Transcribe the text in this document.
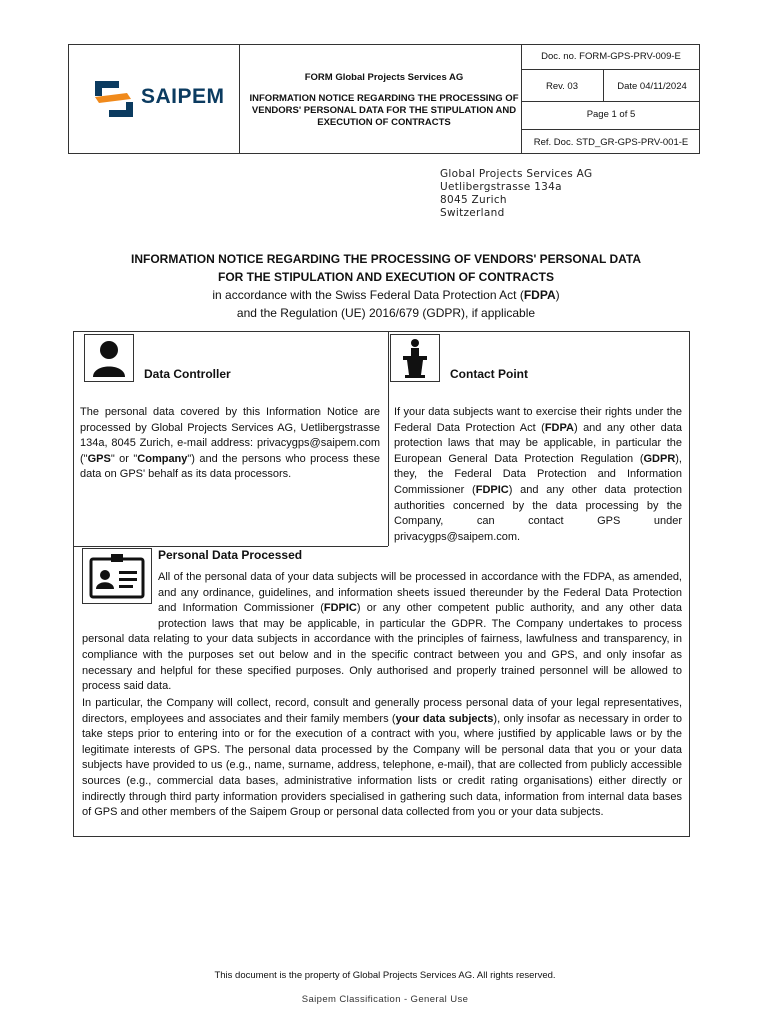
SAIPEM
FORM Global Projects Services AG
INFORMATION NOTICE REGARDING THE PROCESSING OF VENDORS' PERSONAL DATA FOR THE STIPULATION AND EXECUTION OF CONTRACTS
Doc. no. FORM-GPS-PRV-009-E
Rev. 03	Date 04/11/2024
Page 1 of 5
Ref. Doc. STD_GR-GPS-PRV-001-E
Global Projects Services AG
Uetlibergstrasse 134a
8045 Zurich
Switzerland
INFORMATION NOTICE REGARDING THE PROCESSING OF VENDORS' PERSONAL DATA
FOR THE STIPULATION AND EXECUTION OF CONTRACTS
in accordance with the Swiss Federal Data Protection Act (FDPA)
and the Regulation (UE) 2016/679 (GDPR), if applicable
Data Controller
The personal data covered by this Information Notice are processed by Global Projects Services AG, Uetlibergstrasse 134a, 8045 Zurich, e-mail address: privacygps@saipem.com ("GPS" or "Company") and the persons who process these data on GPS' behalf as its data processors.
Contact Point
If your data subjects want to exercise their rights under the Federal Data Protection Act (FDPA) and any other data protection laws that may be applicable, in particular the European General Data Protection Regulation (GDPR), they, the Federal Data Protection and Information Commissioner (FDPIC) and any other data protection authorities concerned by the data processing by the Company, can contact GPS under privacygps@saipem.com.
Personal Data Processed
All of the personal data of your data subjects will be processed in accordance with the FDPA, as amended, and any ordinance, guidelines, and information sheets issued thereunder by the Federal Data Protection and Information Commissioner (FDPIC) or any other competent public authority, and any other data protection laws that may be applicable, in particular the GDPR. The Company undertakes to process personal data relating to your data subjects in accordance with the principles of fairness, lawfulness and transparency, in compliance with the purposes set out below and in the specific contract between you and GPS, and only insofar as necessary and helpful for these specified purposes. Only authorised and properly trained personnel will be allowed to process said data.
In particular, the Company will collect, record, consult and generally process personal data of your legal representatives, directors, employees and associates and their family members (your data subjects), only insofar as necessary in order to take steps prior to entering into or for the execution of a contract with you, where justified by applicable laws or by the legitimate interests of GPS. The personal data processed by the Company will be personal data that you or your data subjects have provided to us (e.g., name, surname, address, telephone, e-mail), that are collected from publicly accessible sources (e.g., commercial data bases, administrative information lists or credit rating organisations) either directly or indirectly through third party information providers specialised in gathering such data, information from internal data bases of GPS and other members of the Saipem Group or personal data collected from you or your data subjects.
This document is the property of Global Projects Services AG. All rights reserved.
Saipem Classification - General Use
